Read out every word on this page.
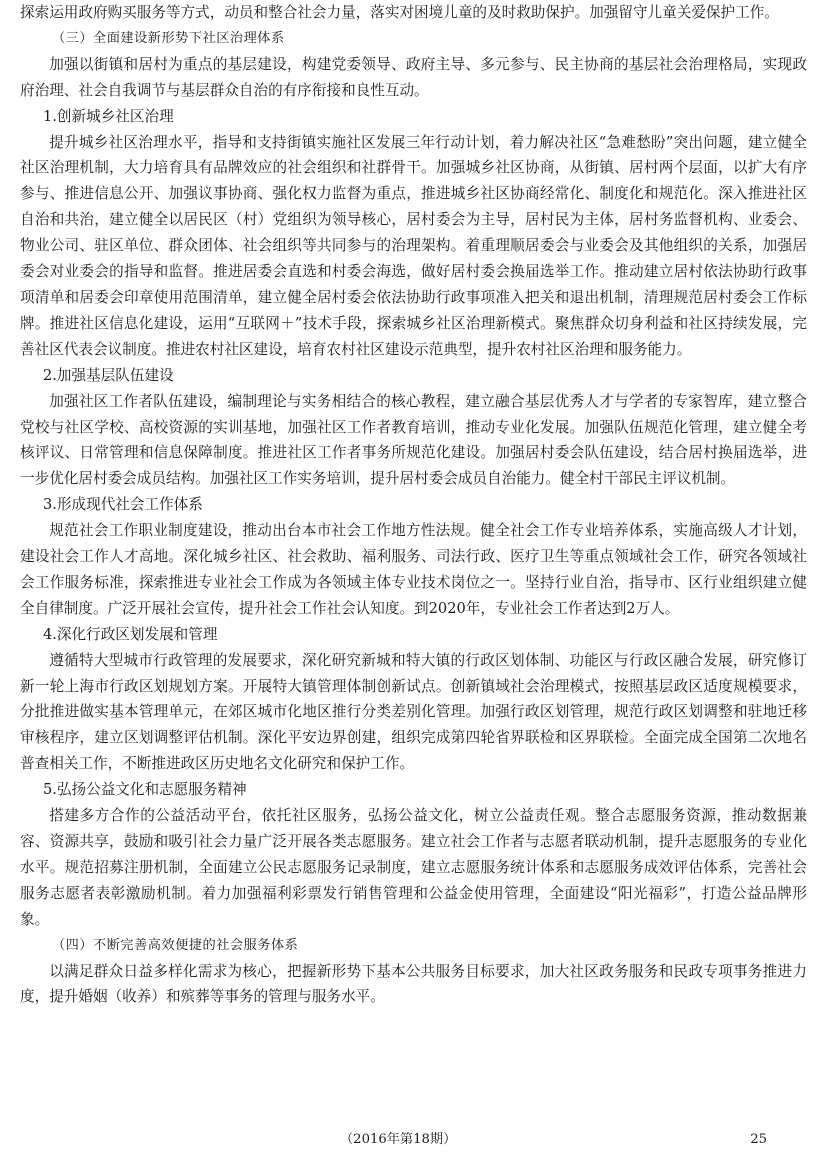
探索运用政府购买服务等方式，动员和整合社会力量，落实对困境儿童的及时救助保护。加强留守儿童关爱保护工作。

（三）全面建设新形势下社区治理体系

加强以街镇和居村为重点的基层建设，构建党委领导、政府主导、多元参与、民主协商的基层社会治理格局，实现政府治理、社会自我调节与基层群众自治的有序衔接和良性互动。

1.创新城乡社区治理

提升城乡社区治理水平，指导和支持街镇实施社区发展三年行动计划，着力解决社区“急难愁盼”突出问题，建立健全社区治理机制，大力培育具有品牌效应的社会组织和社群骨干。加强城乡社区协商，从街镇、居村两个层面，以扩大有序参与、推进信息公开、加强议事协商、强化权力监督为重点，推进城乡社区协商经常化、制度化和规范化。深入推进社区自治和共治，建立健全以居民区（村）党组织为领导核心，居村委会为主导，居村民为主体，居村务监督机构、业委会、物业公司、驻区单位、群众团体、社会组织等共同参与的治理架构。着重理顺居委会与业委会及其他组织的关系，加强居委会对业委会的指导和监督。推进居委会直选和村委会海选，做好居村委会换届选举工作。推动建立居村依法协助行政事项清单和居委会印章使用范围清单，建立健全居村委会依法协助行政事项准入把关和退出机制，清理规范居村委会工作标牌。推进社区信息化建设，运用“互联网＋”技术手段，探索城乡社区治理新模式。聚焦群众切身利益和社区持续发展，完善社区代表会议制度。推进农村社区建设，培育农村社区建设示范典型，提升农村社区治理和服务能力。

2.加强基层队伍建设

加强社区工作者队伍建设，编制理论与实务相结合的核心教程，建立融合基层优秀人才与学者的专家智库，建立整合党校与社区学校、高校资源的实训基地，加强社区工作者教育培训，推动专业化发展。加强队伍规范化管理，建立健全考核评议、日常管理和信息保障制度。推进社区工作者事务所规范化建设。加强居村委会队伍建设，结合居村换届选举，进一步优化居村委会成员结构。加强社区工作实务培训，提升居村委会成员自治能力。健全村干部民主评议机制。

3.形成现代社会工作体系

规范社会工作职业制度建设，推动出台本市社会工作地方性法规。健全社会工作专业培养体系，实施高级人才计划，建设社会工作人才高地。深化城乡社区、社会救助、福利服务、司法行政、医疗卫生等重点领域社会工作，研究各领域社会工作服务标准，探索推进专业社会工作成为各领域主体专业技术岗位之一。坚持行业自治，指导市、区行业组织建立健全自律制度。广泛开展社会宣传，提升社会工作社会认知度。到2020年，专业社会工作者达到2万人。

4.深化行政区划发展和管理

遵循特大型城市行政管理的发展要求，深化研究新城和特大镇的行政区划体制、功能区与行政区融合发展，研究修订新一轮上海市行政区划规划方案。开展特大镇管理体制创新试点。创新镇域社会治理模式，按照基层政区适度规模要求，分批推进做实基本管理单元，在郊区城市化地区推行分类差别化管理。加强行政区划管理，规范行政区划调整和驻地迁移审核程序，建立区划调整评估机制。深化平安边界创建，组织完成第四轮省界联检和区界联检。全面完成全国第二次地名普查相关工作，不断推进政区历史地名文化研究和保护工作。

5.弘扬公益文化和志愿服务精神

搭建多方合作的公益活动平台，依托社区服务，弘扬公益文化，树立公益责任观。整合志愿服务资源，推动数据兼容、资源共享，鼓励和吸引社会力量广泛开展各类志愿服务。建立社会工作者与志愿者联动机制，提升志愿服务的专业化水平。规范招募注册机制，全面建立公民志愿服务记录制度，建立志愿服务统计体系和志愿服务成效评估体系，完善社会服务志愿者表彰激励机制。着力加强福利彩票发行销售管理和公益金使用管理，全面建设“阳光福彩”，打造公益品牌形象。

（四）不断完善高效便捷的社会服务体系

以满足群众日益多样化需求为核心，把握新形势下基本公共服务目标要求，加大社区政务服务和民政专项事务推进力度，提升婚姻（收养）和殡葬等事务的管理与服务水平。

（2016年第18期）	25
